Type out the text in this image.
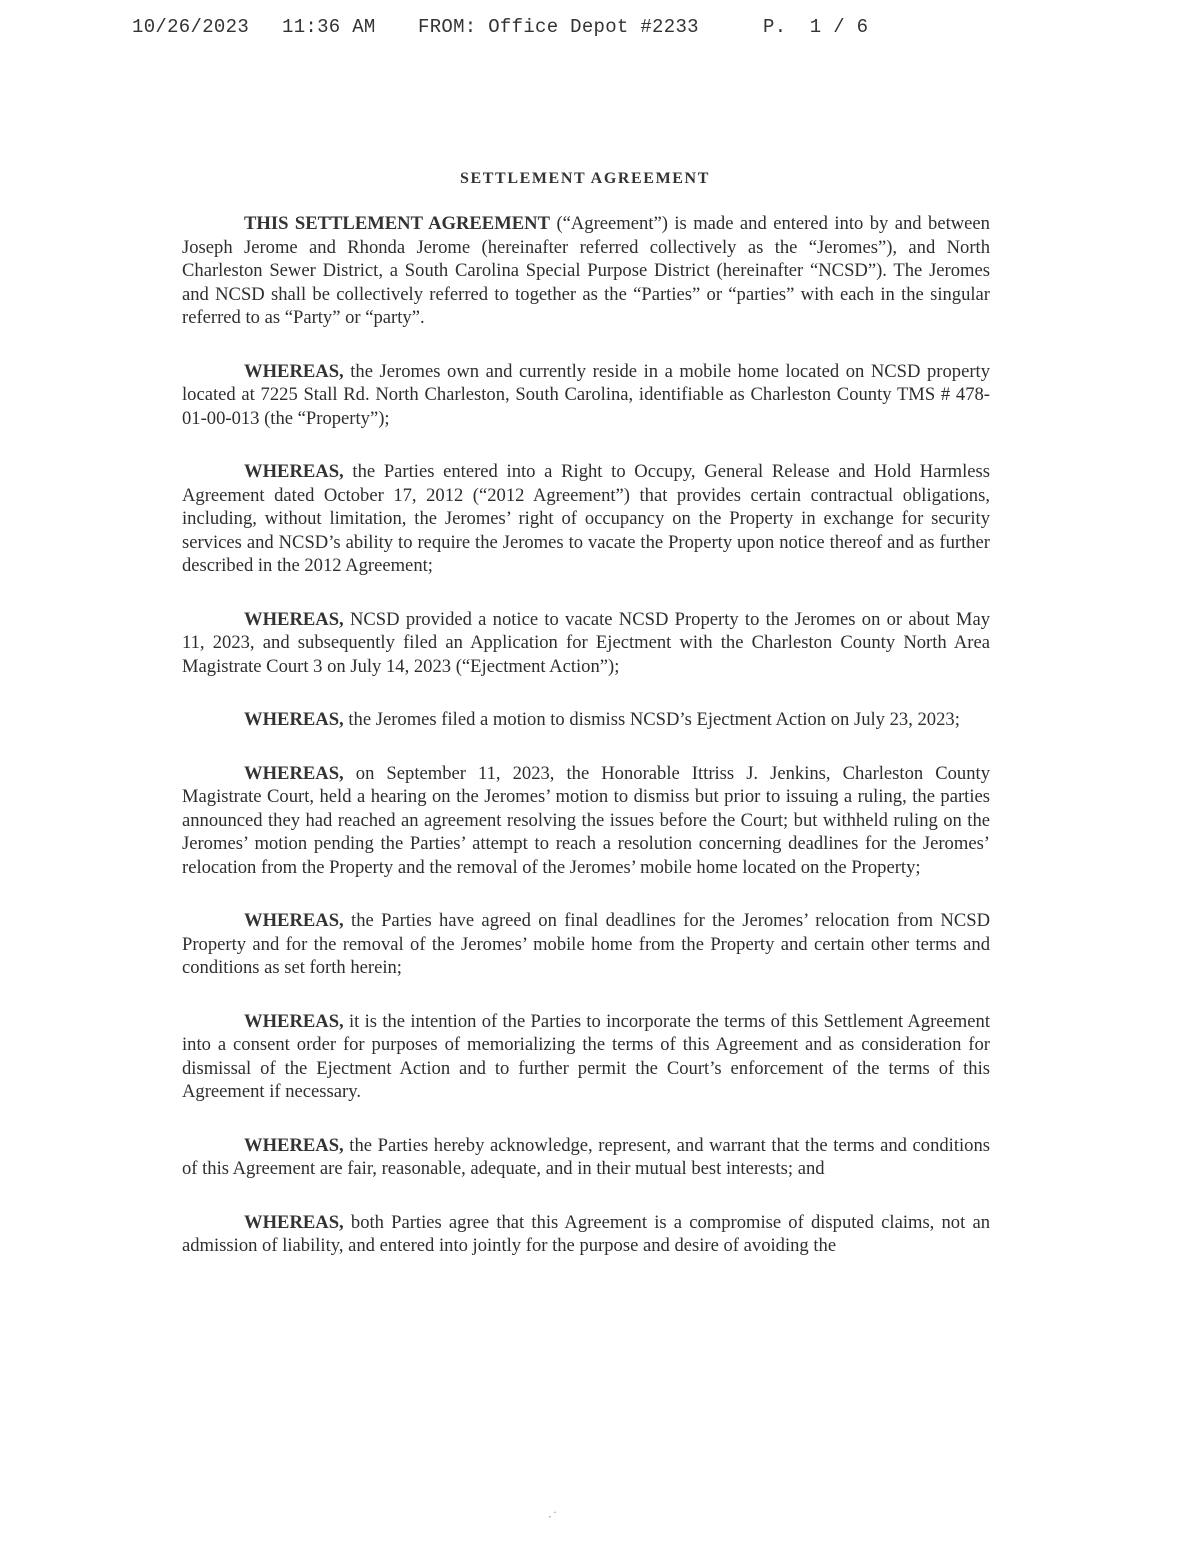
10/26/2023 11:36 AM FROM: Office Depot #2233	P.  1 / 6
SETTLEMENT AGREEMENT

THIS SETTLEMENT AGREEMENT (“Agreement”) is made and entered into by and between Joseph Jerome and Rhonda Jerome (hereinafter referred collectively as the “Jeromes”), and North Charleston Sewer District, a South Carolina Special Purpose District (hereinafter “NCSD”). The Jeromes and NCSD shall be collectively referred to together as the “Parties” or “parties” with each in the singular referred to as “Party” or “party”.

WHEREAS, the Jeromes own and currently reside in a mobile home located on NCSD property located at 7225 Stall Rd. North Charleston, South Carolina, identifiable as Charleston County TMS # 478-01-00-013 (the “Property”);

WHEREAS, the Parties entered into a Right to Occupy, General Release and Hold Harmless Agreement dated October 17, 2012 (“2012 Agreement”) that provides certain contractual obligations, including, without limitation, the Jeromes’ right of occupancy on the Property in exchange for security services and NCSD’s ability to require the Jeromes to vacate the Property upon notice thereof and as further described in the 2012 Agreement;

WHEREAS, NCSD provided a notice to vacate NCSD Property to the Jeromes on or about May 11, 2023, and subsequently filed an Application for Ejectment with the Charleston County North Area Magistrate Court 3 on July 14, 2023 (“Ejectment Action”);

WHEREAS, the Jeromes filed a motion to dismiss NCSD’s Ejectment Action on July 23, 2023;

WHEREAS, on September 11, 2023, the Honorable Ittriss J. Jenkins, Charleston County Magistrate Court, held a hearing on the Jeromes’ motion to dismiss but prior to issuing a ruling, the parties announced they had reached an agreement resolving the issues before the Court; but withheld ruling on the Jeromes’ motion pending the Parties’ attempt to reach a resolution concerning deadlines for the Jeromes’ relocation from the Property and the removal of the Jeromes’ mobile home located on the Property;

WHEREAS, the Parties have agreed on final deadlines for the Jeromes’ relocation from NCSD Property and for the removal of the Jeromes’ mobile home from the Property and certain other terms and conditions as set forth herein;

WHEREAS, it is the intention of the Parties to incorporate the terms of this Settlement Agreement into a consent order for purposes of memorializing the terms of this Agreement and as consideration for dismissal of the Ejectment Action and to further permit the Court’s enforcement of the terms of this Agreement if necessary.

WHEREAS, the Parties hereby acknowledge, represent, and warrant that the terms and conditions of this Agreement are fair, reasonable, adequate, and in their mutual best interests; and

WHEREAS, both Parties agree that this Agreement is a compromise of disputed claims, not an admission of liability, and entered into jointly for the purpose and desire of avoiding the

·˙
